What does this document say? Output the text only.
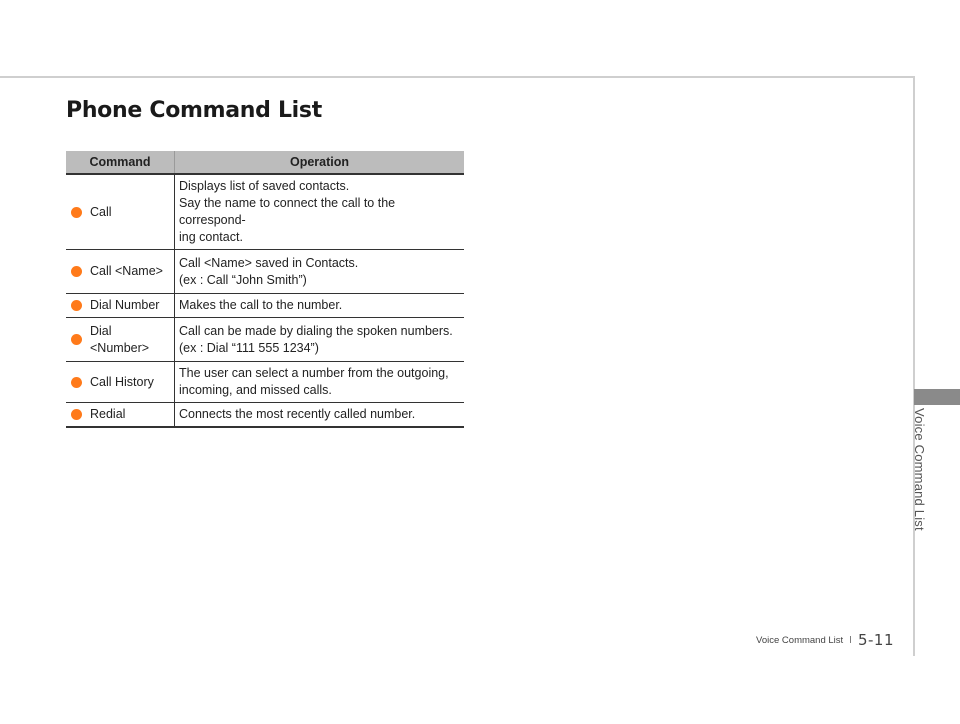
Voice Command List
Phone Command List
Command		Operation
	Call	Displays list of saved contacts.
Say the name to connect the call to the correspond-
ing contact.

	Call <Name>	Call <Name> saved in Contacts.
(ex : Call “John Smith”)

	Dial Number	Makes the call to the number.

	Dial <Number>	Call can be made by dialing the spoken numbers.
(ex : Dial “111 555 1234”)

	Call History	The user can select a number from the outgoing,
incoming, and missed calls.

	Redial	Connects the most recently called number.
Voice Command List I 5-11
